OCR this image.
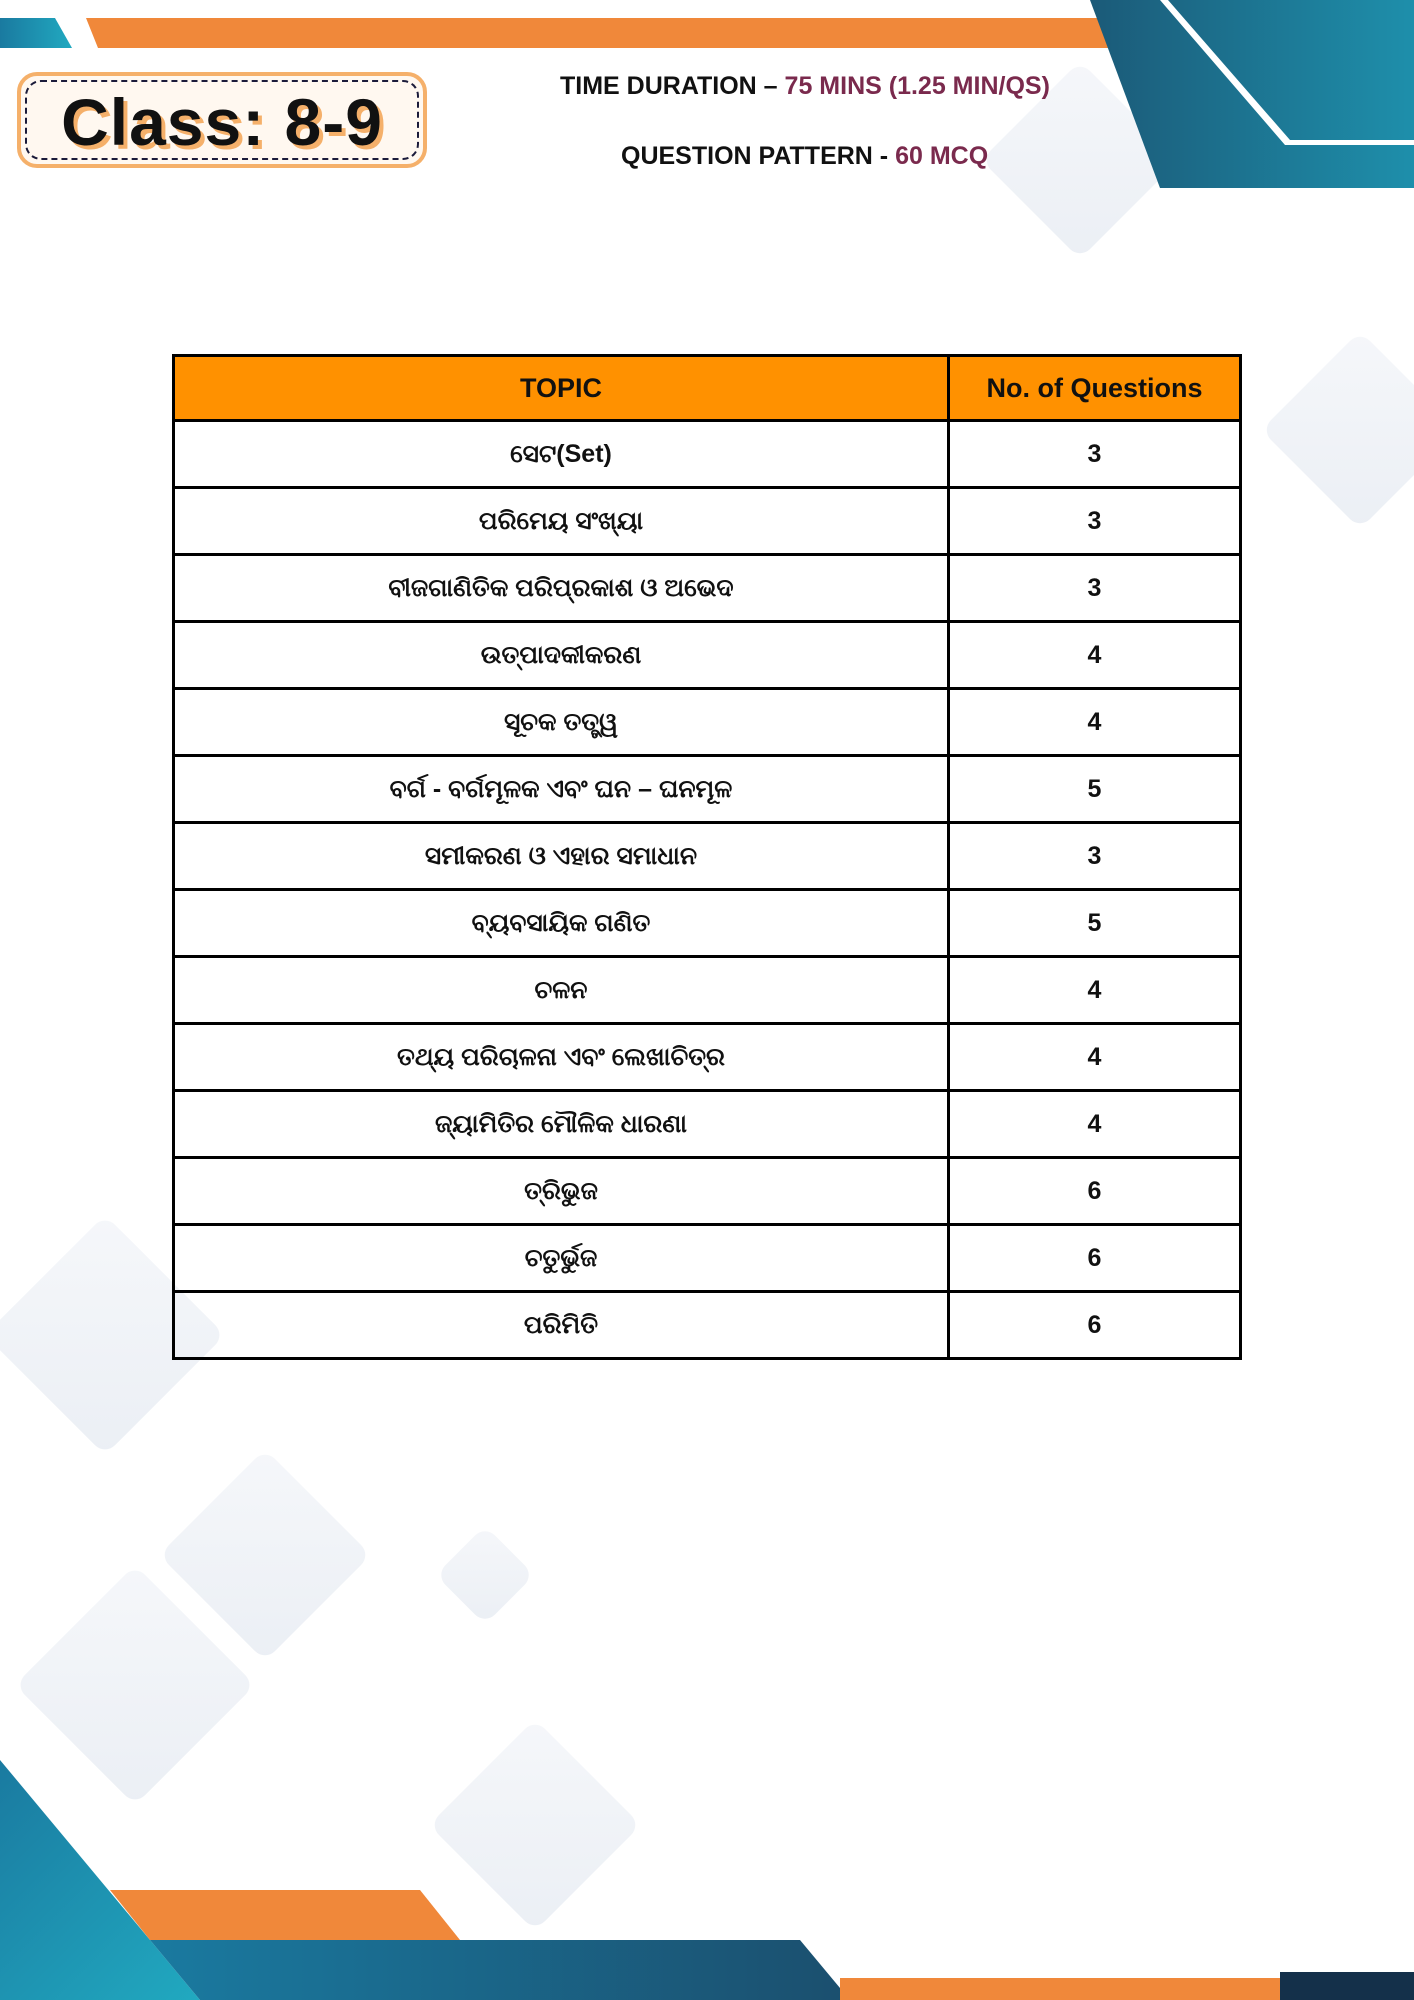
Class: 8-9	TIME DURATION – 75 MINS (1.25 MIN/QS)
QUESTION PATTERN - 60 MCQ
TOPIC	No. of Questions
ସେଟ(Set)	3
ପରିମେୟ ସଂଖ୍ୟା	3
ବୀଜଗାଣିତିକ ପରିପ୍ରକାଶ ଓ ଅଭେଦ	3
ଉତ୍ପାଦକୀକରଣ	4
ସୂଚକ ତତ୍ତ୍ୱ	4
ବର୍ଗ - ବର୍ଗମୂଳକ ଏବଂ ଘନ – ଘନମୂଳ	5
ସମୀକରଣ ଓ ଏହାର ସମାଧାନ	3
ବ୍ୟବସାୟିକ ଗଣିତ	5
ଚଳନ	4
ତଥ୍ୟ ପରିଚାଳନା ଏବଂ ଲେଖାଚିତ୍ର	4
ଜ୍ୟାମିତିର ମୌଳିକ ଧାରଣା	4
ତ୍ରିଭୁଜ	6
ଚତୁର୍ଭୁଜ	6
ପରିମିତି	6
